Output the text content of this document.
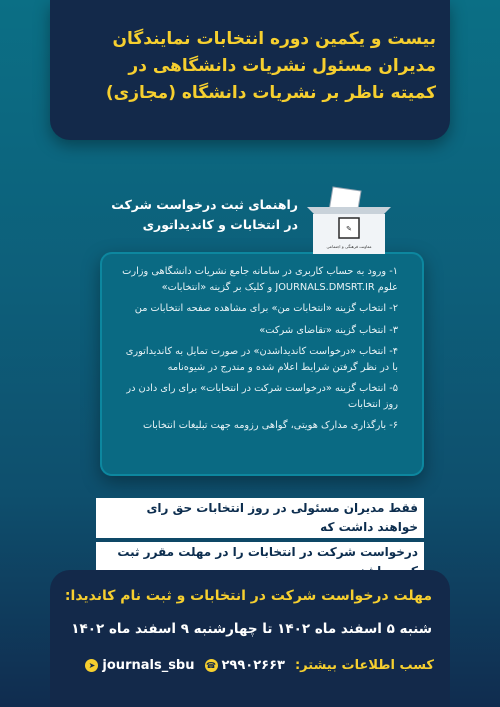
بیست و یکمین دوره انتخابات نمایندگان
مدیران مسئول نشریات دانشگاهی در
کمیته ناظر بر نشریات دانشگاه (مجازی)
✎
معاونت فرهنگی و اجتماعی
راهنمای ثبت درخواست شرکت
در انتخابات و کاندیداتوری
۱- ورود به حساب کاربری در سامانه جامع نشریات دانشگاهی وزارت علوم JOURNALS.DMSRT.IR و کلیک بر گزینه «انتخابات»
۲- انتخاب گزینه «انتخابات من» برای مشاهده صفحه انتخابات من
۳- انتخاب گزینه «تقاضای شرکت»
۴- انتخاب «درخواست کاندیداشدن» در صورت تمایل به کاندیداتوری با در نظر گرفتن شرایط اعلام شده و مندرج در شیوه‌نامه
۵- انتخاب گزینه «درخواست شرکت در انتخابات» برای رای دادن در روز انتخابات
۶- بارگذاری مدارک هویتی، گواهی رزومه جهت تبلیغات انتخابات
فقط مدیران مسئولی در روز انتخابات حق رای خواهند داشت که
درخواست شرکت در انتخابات را در مهلت مقرر ثبت
مهلت درخواست شرکت در انتخابات و ثبت نام کاندیدا:
شنبه ۵ اسفند ماه ۱۴۰۲ تا چهارشنبه ۹ اسفند ماه ۱۴۰۲
کسب اطلاعات بیشتر:
☎ ۲۹۹۰۲۶۶۳
➤ journals_sbu
